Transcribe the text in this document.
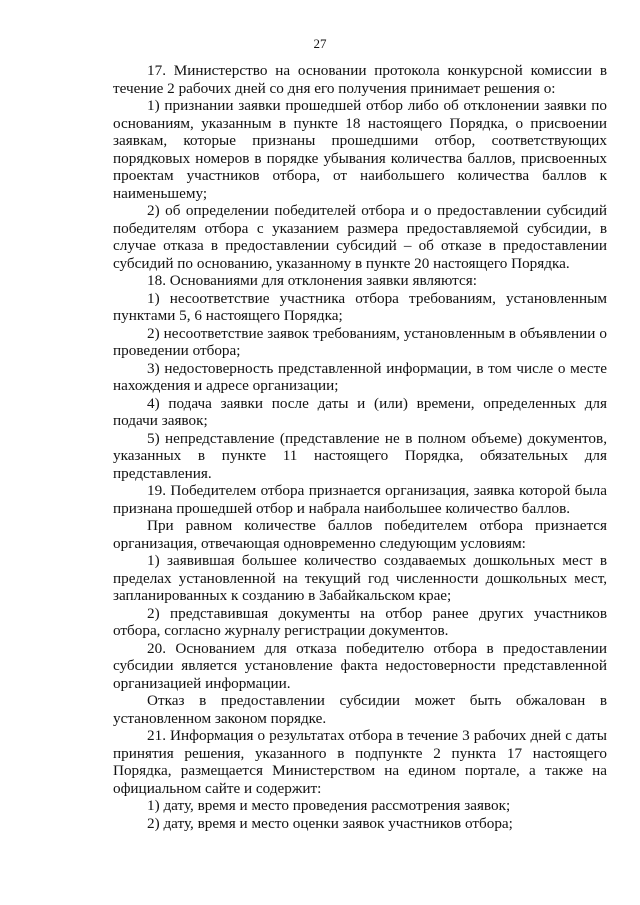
27

17. Министерство на основании протокола конкурсной комиссии в течение 2 рабочих дней со дня его получения принимает решения о:

1) признании заявки прошедшей отбор либо об отклонении заявки по основаниям, указанным в пункте 18 настоящего Порядка, о присвоении заявкам, которые признаны прошедшими отбор, соответствующих порядковых номеров в порядке убывания количества баллов, присвоенных проектам участников отбора, от наибольшего количества баллов к наименьшему;

2) об определении победителей отбора и о предоставлении субсидий победителям отбора с указанием размера предоставляемой субсидии, в случае отказа в предоставлении субсидий – об отказе в предоставлении субсидий по основанию, указанному в пункте 20 настоящего Порядка.

18. Основаниями для отклонения заявки являются:

1) несоответствие участника отбора требованиям, установленным пунктами 5, 6 настоящего Порядка;

2) несоответствие заявок требованиям, установленным в объявлении о проведении отбора;

3) недостоверность представленной информации, в том числе о месте нахождения и адресе организации;

4) подача заявки после даты и (или) времени, определенных для подачи заявок;

5) непредставление (представление не в полном объеме) документов, указанных в пункте 11 настоящего Порядка, обязательных для представления.

19. Победителем отбора признается организация, заявка которой была признана прошедшей отбор и набрала наибольшее количество баллов.

При равном количестве баллов победителем отбора признается организация, отвечающая одновременно следующим условиям:

1) заявившая большее количество создаваемых дошкольных мест в пределах установленной на текущий год численности дошкольных мест, запланированных к созданию в Забайкальском крае;

2) представившая документы на отбор ранее других участников отбора, согласно журналу регистрации документов.

20. Основанием для отказа победителю отбора в предоставлении субсидии является установление факта недостоверности представленной организацией информации.

Отказ в предоставлении субсидии может быть обжалован в установленном законом порядке.

21. Информация о результатах отбора в течение 3 рабочих дней с даты принятия решения, указанного в подпункте 2 пункта 17 настоящего Порядка, размещается Министерством на едином портале, а также на официальном сайте и содержит:

1) дату, время и место проведения рассмотрения заявок;

2) дату, время и место оценки заявок участников отбора;
